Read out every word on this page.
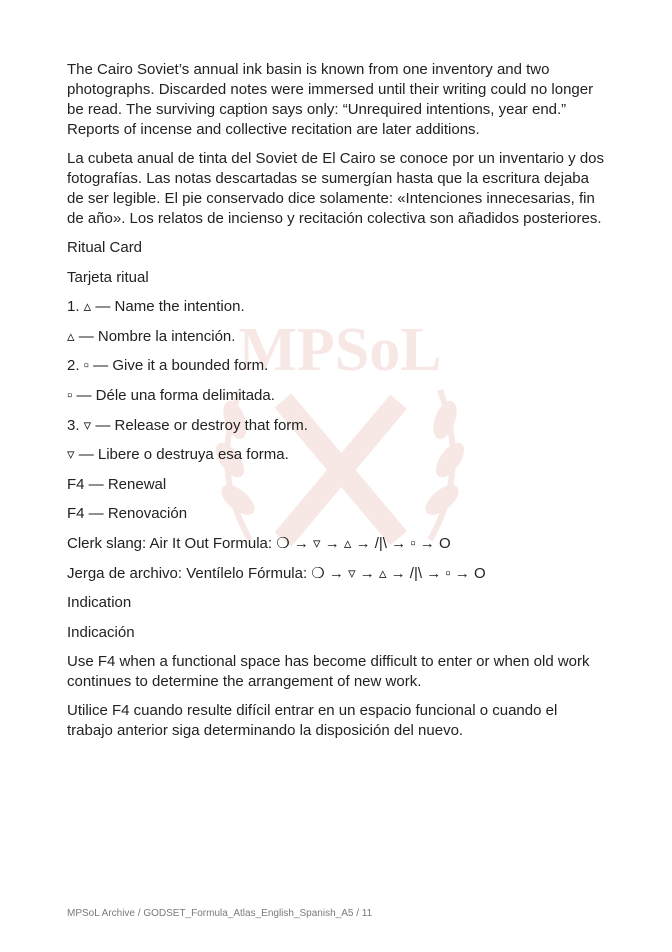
MPSoL

The Cairo Soviet’s annual ink basin is known from one inventory and two photographs. Discarded notes were immersed until their writing could no longer be read. The surviving caption says only: “Unrequired intentions, year end.” Reports of incense and collective recitation are later additions.

La cubeta anual de tinta del Soviet de El Cairo se conoce por un inventario y dos fotografías. Las notas descartadas se sumergían hasta que la escritura dejaba de ser legible. El pie conservado dice solamente: «Intenciones innecesarias, fin de año». Los relatos de incienso y recitación colectiva son añadidos posteriores.

Ritual Card

Tarjeta ritual

1. ▵ — Name the intention.

▵ — Nombre la intención.

2. ▫ — Give it a bounded form.

▫ — Déle una forma delimitada.

3. ▿ — Release or destroy that form.

▿ — Libere o destruya esa forma.

F4 — Renewal

F4 — Renovación

Clerk slang: Air It Out Formula: ❍ → ▿ → ▵ → /|\ → ▫ → O

Jerga de archivo: Ventílelo Fórmula: ❍ → ▿ → ▵ → /|\ → ▫ → O

Indication

Indicación

Use F4 when a functional space has become difficult to enter or when old work continues to determine the arrangement of new work.

Utilice F4 cuando resulte difícil entrar en un espacio funcional o cuando el trabajo anterior siga determinando la disposición del nuevo.

MPSoL Archive / GODSET_Formula_Atlas_English_Spanish_A5 / 11
